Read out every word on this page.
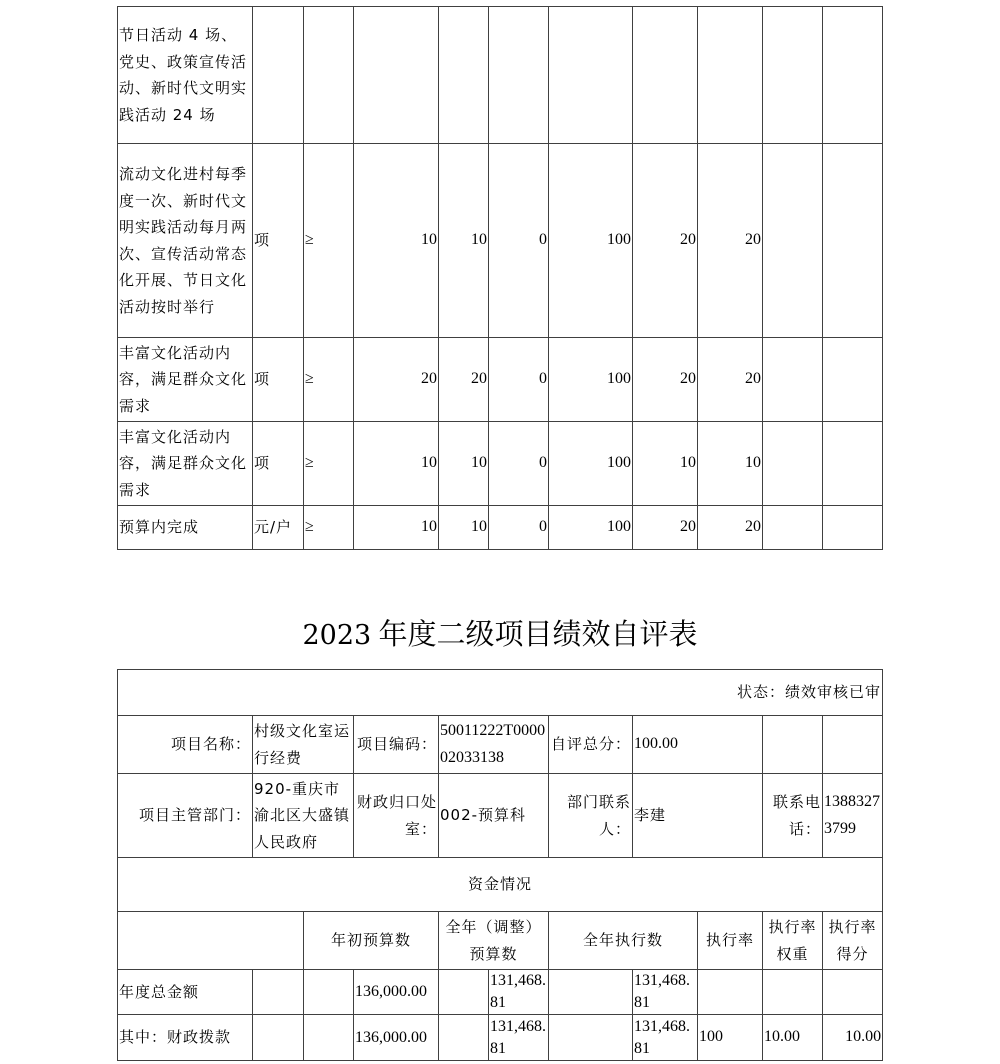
节日活动 4 场、党史、政策宣传活动、新时代文明实践活动 24 场										
流动文化进村每季度一次、新时代文明实践活动每月两次、宣传活动常态化开展、节日文化活动按时举行	项	≥	10	10	0	100	20	20		
丰富文化活动内容，满足群众文化需求	项	≥	20	20	0	100	20	20		
丰富文化活动内容，满足群众文化需求	项	≥	10	10	0	100	10	10		
预算内完成	元/户	≥	10	10	0	100	20	20		
2023 年度二级项目绩效自评表
状态：绩效审核已审										
项目名称：	村级文化室运行经费		项目编码：	50011222T000002033138		自评总分：	100.00			
项目主管部门：	920-重庆市渝北区大盛镇人民政府		财政归口处室：	002-预算科		部门联系人：	李建		联系电话：	13883273799
资金情况										
		年初预算数		全年（调整）预算数		全年执行数		执行率	执行率权重	执行率得分
年度总金额			136,000.00		131,468.81		131,468.81			
其中：财政拨款			136,000.00		131,468.81		131,468.81	100	10.00	10.00
